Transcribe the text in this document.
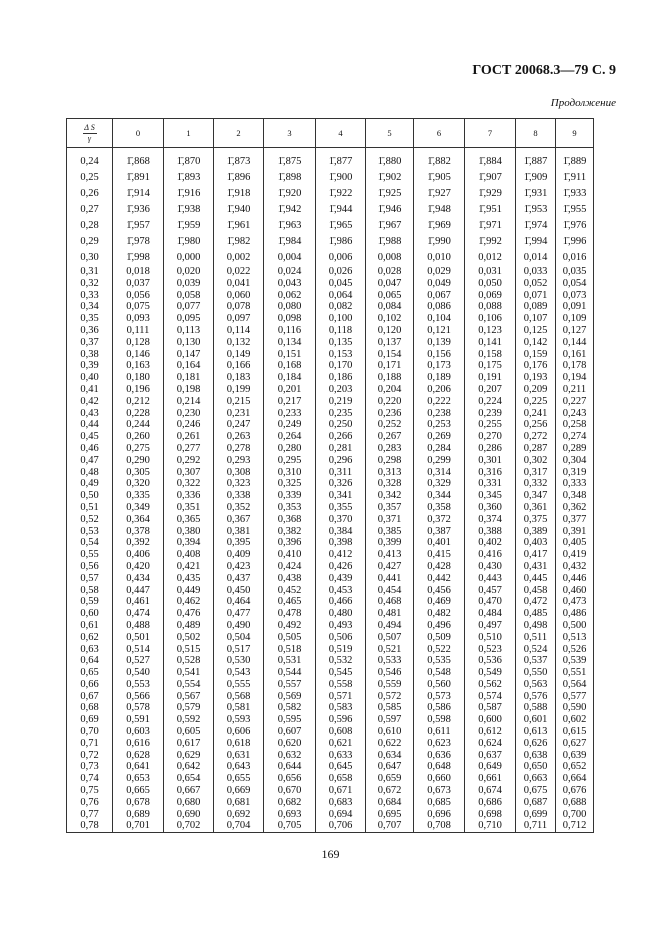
ГОСТ 20068.3—79 С. 9
Продолжение
Δ S
γ	0	1	2	3	4	5	6	7	8	9

0,24	1̄,868	1̄,870	1̄,873	1̄,875	1̄,877	1̄,880	1̄,882	1̄,884	1̄,887	1̄,889
0,25	1̄,891	1̄,893	1̄,896	1̄,898	1̄,900	1̄,902	1̄,905	1̄,907	1̄,909	1̄,911
0,26	1̄,914	1̄,916	1̄,918	1̄,920	1̄,922	1̄,925	1̄,927	1̄,929	1̄,931	1̄,933
0,27	1̄,936	1̄,938	1̄,940	1̄,942	1̄,944	1̄,946	1̄,948	1̄,951	1̄,953	1̄,955
0,28	1̄,957	1̄,959	1̄,961	1̄,963	1̄,965	1̄,967	1̄,969	1̄,971	1̄,974	1̄,976
0,29	1̄,978	1̄,980	1̄,982	1̄,984	1̄,986	1̄,988	1̄,990	1̄,992	1̄,994	1̄,996
0,30	1̄,998	0,000	0,002	0,004	0,006	0,008	0,010	0,012	0,014	0,016
0,31	0,018	0,020	0,022	0,024	0,026	0,028	0,029	0,031	0,033	0,035
0,32	0,037	0,039	0,041	0,043	0,045	0,047	0,049	0,050	0,052	0,054
0,33	0,056	0,058	0,060	0,062	0,064	0,065	0,067	0,069	0,071	0,073
0,34	0,075	0,077	0,078	0,080	0,082	0,084	0,086	0,088	0,089	0,091
0,35	0,093	0,095	0,097	0,098	0,100	0,102	0,104	0,106	0,107	0,109
0,36	0,111	0,113	0,114	0,116	0,118	0,120	0,121	0,123	0,125	0,127
0,37	0,128	0,130	0,132	0,134	0,135	0,137	0,139	0,141	0,142	0,144
0,38	0,146	0,147	0,149	0,151	0,153	0,154	0,156	0,158	0,159	0,161
0,39	0,163	0,164	0,166	0,168	0,170	0,171	0,173	0,175	0,176	0,178
0,40	0,180	0,181	0,183	0,184	0,186	0,188	0,189	0,191	0,193	0,194
0,41	0,196	0,198	0,199	0,201	0,203	0,204	0,206	0,207	0,209	0,211
0,42	0,212	0,214	0,215	0,217	0,219	0,220	0,222	0,224	0,225	0,227
0,43	0,228	0,230	0,231	0,233	0,235	0,236	0,238	0,239	0,241	0,243
0,44	0,244	0,246	0,247	0,249	0,250	0,252	0,253	0,255	0,256	0,258
0,45	0,260	0,261	0,263	0,264	0,266	0,267	0,269	0,270	0,272	0,274
0,46	0,275	0,277	0,278	0,280	0,281	0,283	0,284	0,286	0,287	0,289
0,47	0,290	0,292	0,293	0,295	0,296	0,298	0,299	0,301	0,302	0,304
0,48	0,305	0,307	0,308	0,310	0,311	0,313	0,314	0,316	0,317	0,319
0,49	0,320	0,322	0,323	0,325	0,326	0,328	0,329	0,331	0,332	0,333
0,50	0,335	0,336	0,338	0,339	0,341	0,342	0,344	0,345	0,347	0,348
0,51	0,349	0,351	0,352	0,353	0,355	0,357	0,358	0,360	0,361	0,362
0,52	0,364	0,365	0,367	0,368	0,370	0,371	0,372	0,374	0,375	0,377
0,53	0,378	0,380	0,381	0,382	0,384	0,385	0,387	0,388	0,389	0,391
0,54	0,392	0,394	0,395	0,396	0,398	0,399	0,401	0,402	0,403	0,405
0,55	0,406	0,408	0,409	0,410	0,412	0,413	0,415	0,416	0,417	0,419
0,56	0,420	0,421	0,423	0,424	0,426	0,427	0,428	0,430	0,431	0,432
0,57	0,434	0,435	0,437	0,438	0,439	0,441	0,442	0,443	0,445	0,446
0,58	0,447	0,449	0,450	0,452	0,453	0,454	0,456	0,457	0,458	0,460
0,59	0,461	0,462	0,464	0,465	0,466	0,468	0,469	0,470	0,472	0,473
0,60	0,474	0,476	0,477	0,478	0,480	0,481	0,482	0,484	0,485	0,486
0,61	0,488	0,489	0,490	0,492	0,493	0,494	0,496	0,497	0,498	0,500
0,62	0,501	0,502	0,504	0,505	0,506	0,507	0,509	0,510	0,511	0,513
0,63	0,514	0,515	0,517	0,518	0,519	0,521	0,522	0,523	0,524	0,526
0,64	0,527	0,528	0,530	0,531	0,532	0,533	0,535	0,536	0,537	0,539
0,65	0,540	0,541	0,543	0,544	0,545	0,546	0,548	0,549	0,550	0,551
0,66	0,553	0,554	0,555	0,557	0,558	0,559	0,560	0,562	0,563	0,564
0,67	0,566	0,567	0,568	0,569	0,571	0,572	0,573	0,574	0,576	0,577
0,68	0,578	0,579	0,581	0,582	0,583	0,585	0,586	0,587	0,588	0,590
0,69	0,591	0,592	0,593	0,595	0,596	0,597	0,598	0,600	0,601	0,602
0,70	0,603	0,605	0,606	0,607	0,608	0,610	0,611	0,612	0,613	0,615
0,71	0,616	0,617	0,618	0,620	0,621	0,622	0,623	0,624	0,626	0,627
0,72	0,628	0,629	0,631	0,632	0,633	0,634	0,636	0,637	0,638	0,639
0,73	0,641	0,642	0,643	0,644	0,645	0,647	0,648	0,649	0,650	0,652
0,74	0,653	0,654	0,655	0,656	0,658	0,659	0,660	0,661	0,663	0,664
0,75	0,665	0,667	0,669	0,670	0,671	0,672	0,673	0,674	0,675	0,676
0,76	0,678	0,680	0,681	0,682	0,683	0,684	0,685	0,686	0,687	0,688
0,77	0,689	0,690	0,692	0,693	0,694	0,695	0,696	0,698	0,699	0,700
0,78	0,701	0,702	0,704	0,705	0,706	0,707	0,708	0,710	0,711	0,712
169
